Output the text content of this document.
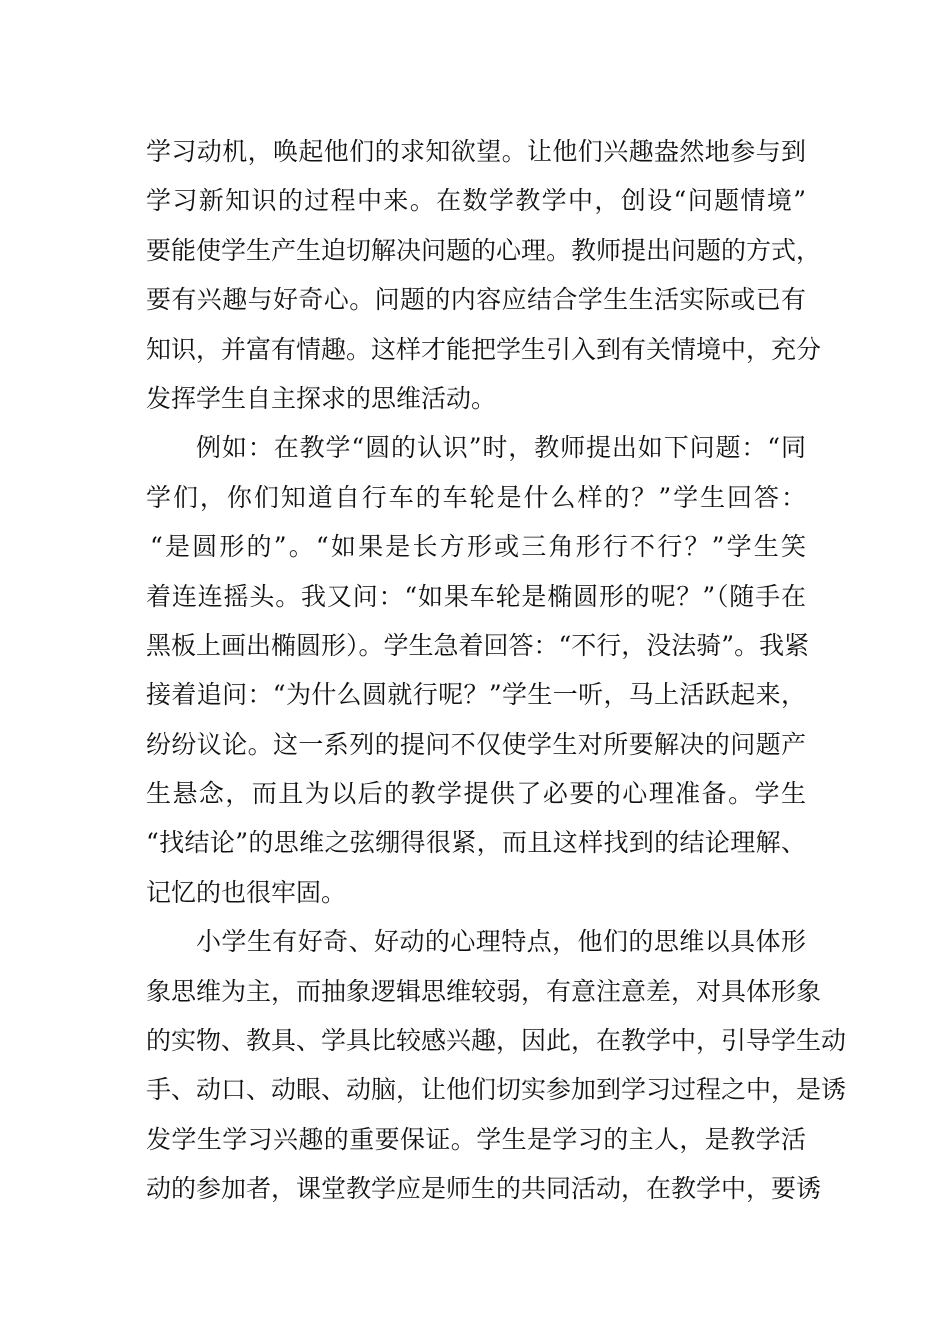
学习动机，唤起他们的求知欲望。让他们兴趣盎然地参与到
学习新知识的过程中来。在数学教学中，创设“问题情境”
要能使学生产生迫切解决问题的心理。教师提出问题的方式，
要有兴趣与好奇心。问题的内容应结合学生生活实际或已有
知识，并富有情趣。这样才能把学生引入到有关情境中，充分
发挥学生自主探求的思维活动。
例如：在教学“圆的认识”时，教师提出如下问题：“同
学们，你们知道自行车的车轮是什么样的？”学生回答：
“是圆形的”。“如果是长方形或三角形行不行？”学生笑
着连连摇头。我又问：“如果车轮是椭圆形的呢？”（随手在
黑板上画出椭圆形）。学生急着回答：“不行，没法骑”。我紧
接着追问：“为什么圆就行呢？”学生一听，马上活跃起来，
纷纷议论。这一系列的提问不仅使学生对所要解决的问题产
生悬念，而且为以后的教学提供了必要的心理准备。学生
“找结论”的思维之弦绷得很紧，而且这样找到的结论理解、
记忆的也很牢固。
小学生有好奇、好动的心理特点，他们的思维以具体形
象思维为主，而抽象逻辑思维较弱，有意注意差，对具体形象
的实物、教具、学具比较感兴趣，因此，在教学中，引导学生动
手、动口、动眼、动脑，让他们切实参加到学习过程之中，是诱
发学生学习兴趣的重要保证。学生是学习的主人，是教学活
动的参加者，课堂教学应是师生的共同活动，在教学中，要诱
